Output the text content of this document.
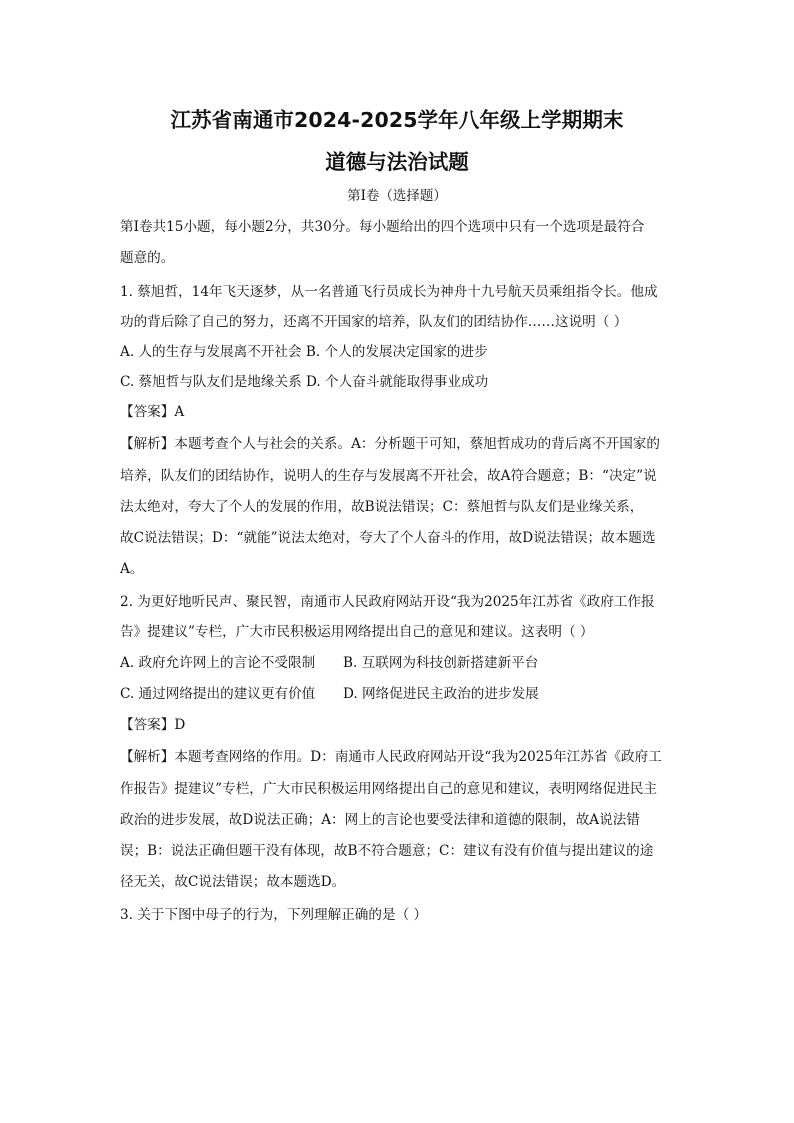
江苏省南通市2024-2025学年八年级上学期期末
道德与法治试题
第I卷（选择题）
第I卷共15小题，每小题2分，共30分。每小题给出的四个选项中只有一个选项是最符合
题意的。
1. 蔡旭哲，14年飞天逐梦，从一名普通飞行员成长为神舟十九号航天员乘组指令长。他成
功的背后除了自己的努力，还离不开国家的培养，队友们的团结协作……这说明（ ）
A. 人的生存与发展离不开社会 B. 个人的发展决定国家的进步
C. 蔡旭哲与队友们是地缘关系 D. 个人奋斗就能取得事业成功
【答案】A
【解析】本题考查个人与社会的关系。A：分析题干可知，蔡旭哲成功的背后离不开国家的
培养，队友们的团结协作，说明人的生存与发展离不开社会，故A符合题意；B：“决定”说
法太绝对，夸大了个人的发展的作用，故B说法错误；C：蔡旭哲与队友们是业缘关系，
故C说法错误；D：“就能”说法太绝对，夸大了个人奋斗的作用，故D说法错误；故本题选
A。
2. 为更好地听民声、聚民智，南通市人民政府网站开设“我为2025年江苏省《政府工作报
告》提建议”专栏，广大市民积极运用网络提出自己的意见和建议。这表明（ ）
A. 政府允许网上的言论不受限制 B. 互联网为科技创新搭建新平台
C. 通过网络提出的建议更有价值 D. 网络促进民主政治的进步发展
【答案】D
【解析】本题考查网络的作用。D：南通市人民政府网站开设“我为2025年江苏省《政府工
作报告》提建议”专栏，广大市民积极运用网络提出自己的意见和建议，表明网络促进民主
政治的进步发展，故D说法正确；A：网上的言论也要受法律和道德的限制，故A说法错
误；B：说法正确但题干没有体现，故B不符合题意；C：建议有没有价值与提出建议的途
径无关，故C说法错误；故本题选D。
3. 关于下图中母子的行为，下列理解正确的是（ ）
